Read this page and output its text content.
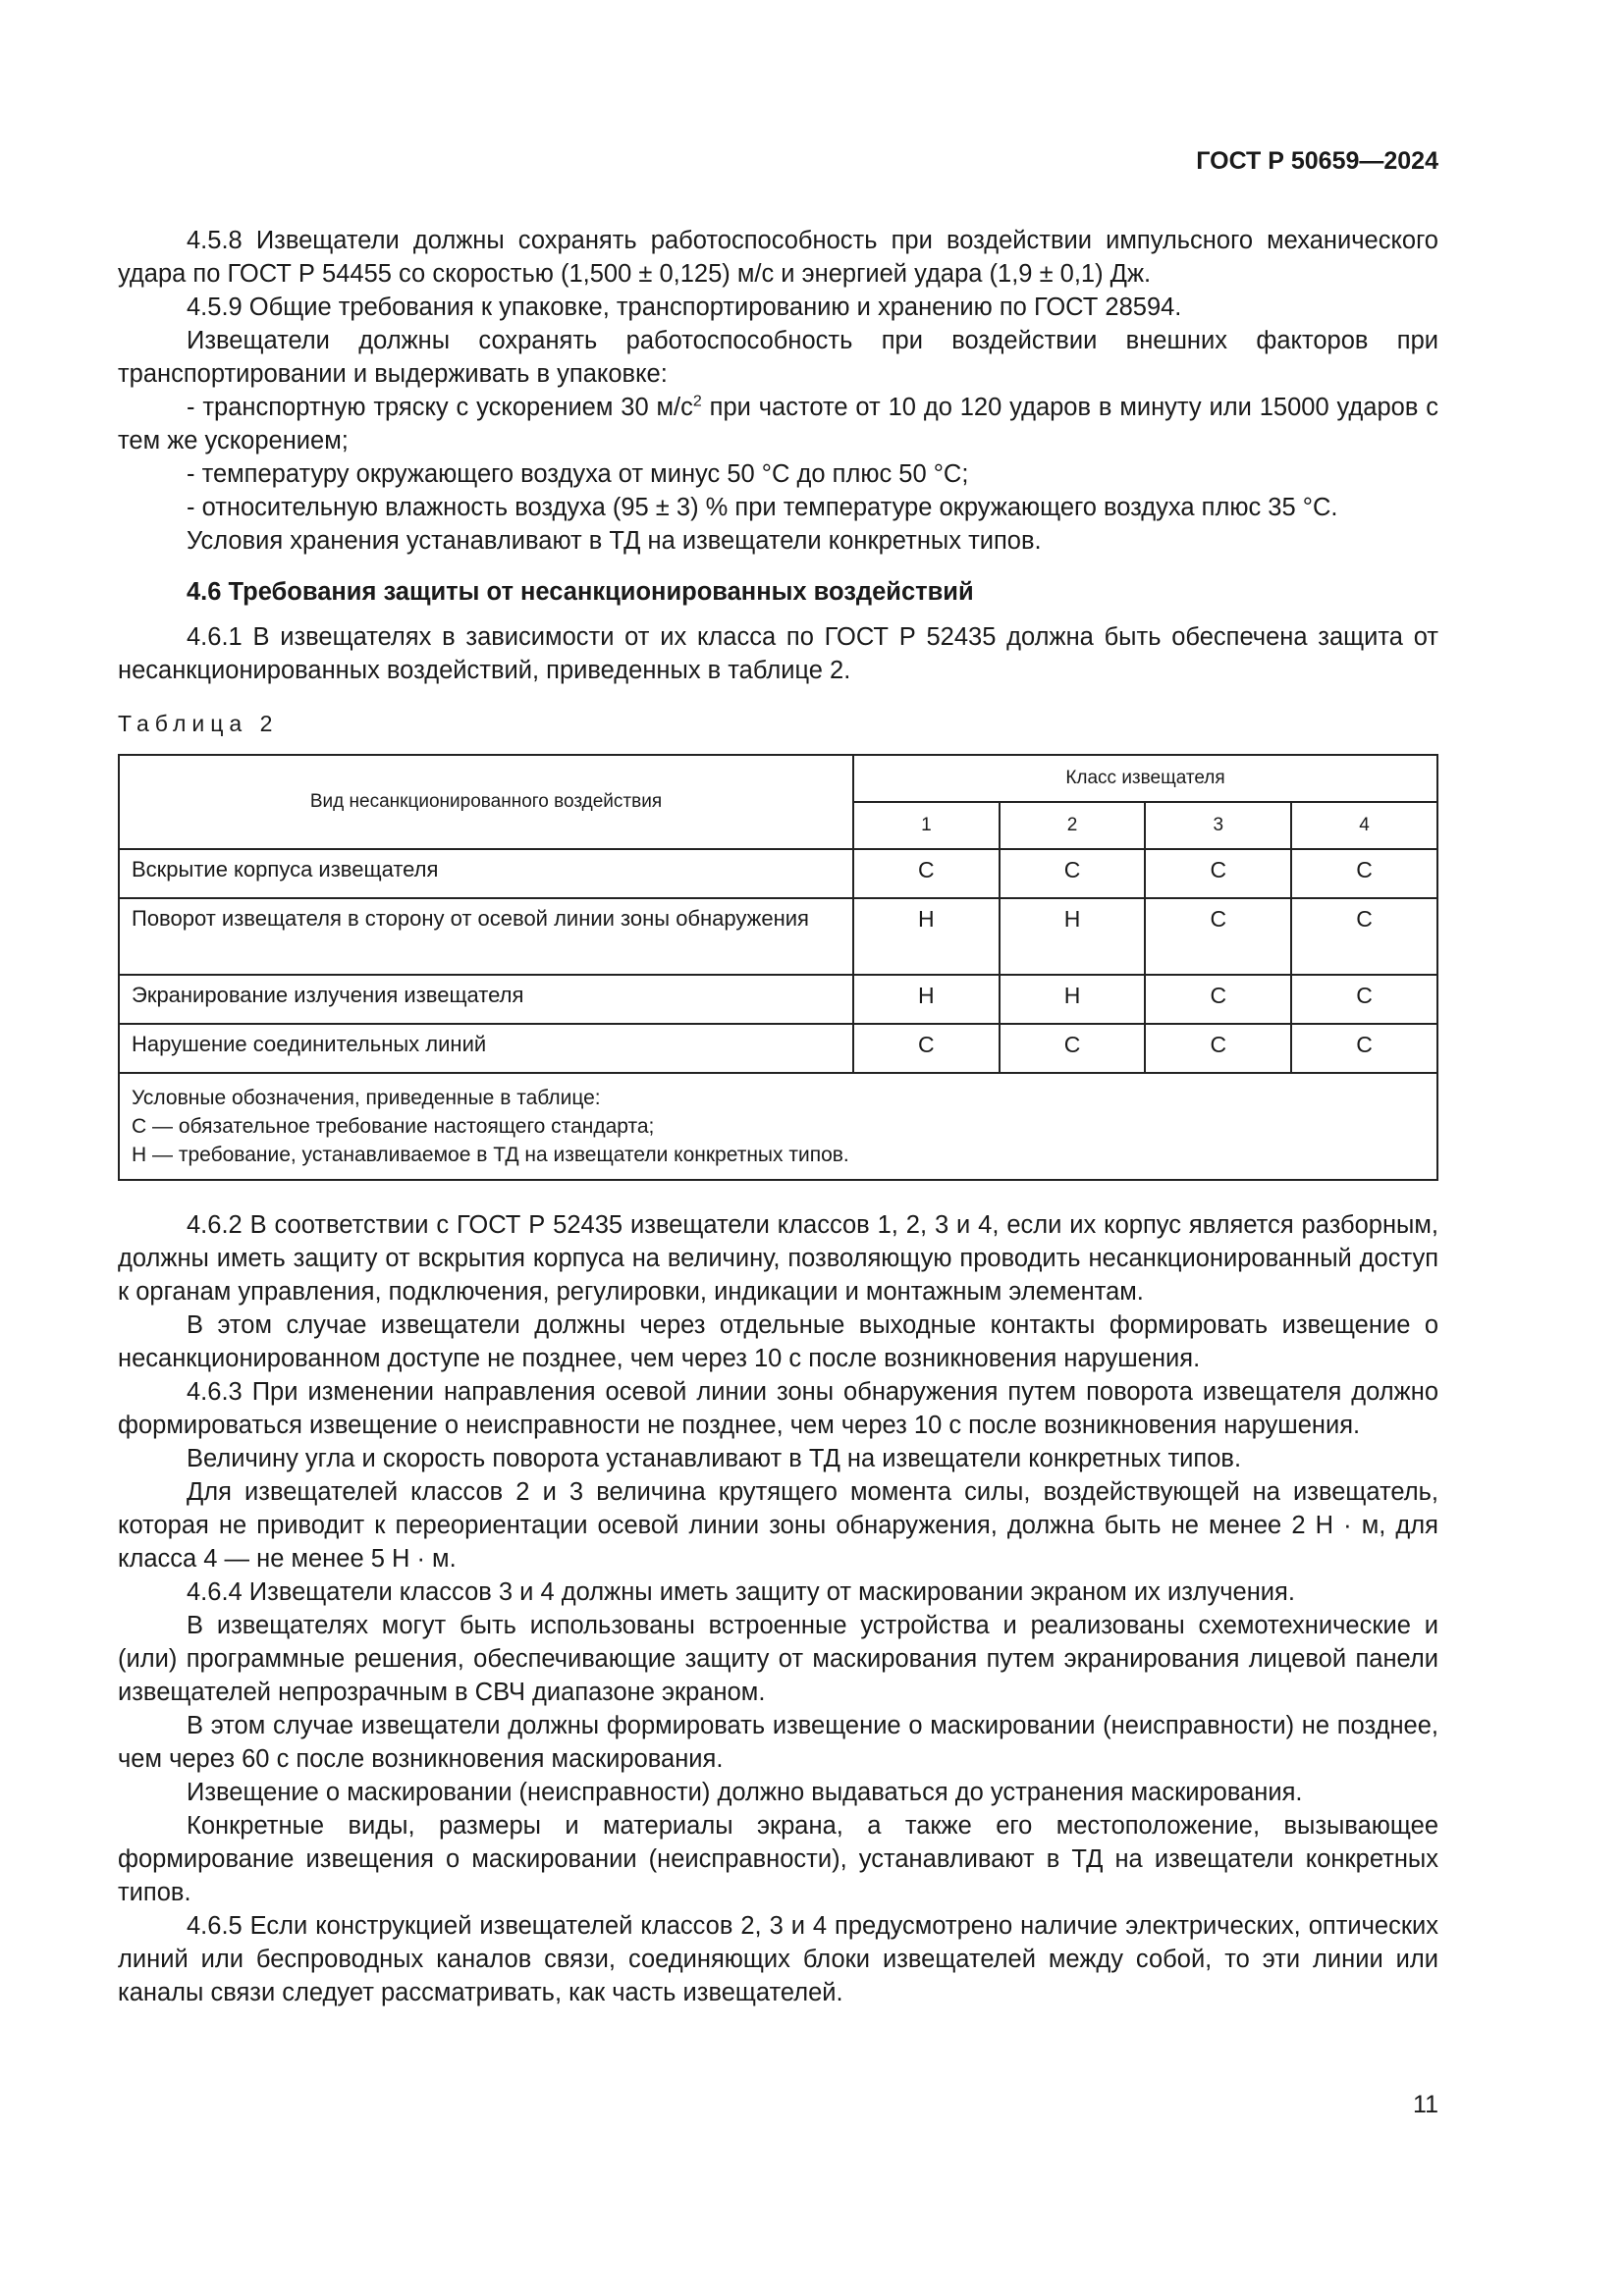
ГОСТ Р 50659—2024

4.5.8 Извещатели должны сохранять работоспособность при воздействии импульсного механического удара по ГОСТ Р 54455 со скоростью (1,500 ± 0,125) м/с и энергией удара (1,9 ± 0,1) Дж.

4.5.9 Общие требования к упаковке, транспортированию и хранению по ГОСТ 28594.

Извещатели должны сохранять работоспособность при воздействии внешних факторов при транспортировании и выдерживать в упаковке:

- транспортную тряску с ускорением 30 $м/с^2$ при частоте от 10 до 120 ударов в минуту или 15000 ударов с тем же ускорением;

- температуру окружающего воздуха от минус 50 °С до плюс 50 °С;

- относительную влажность воздуха (95 ± 3) % при температуре окружающего воздуха плюс 35 °С.

Условия хранения устанавливают в ТД на извещатели конкретных типов.

4.6 Требования защиты от несанкционированных воздействий

4.6.1 В извещателях в зависимости от их класса по ГОСТ Р 52435 должна быть обеспечена защита от несанкционированных воздействий, приведенных в таблице 2.

Таблица 2

Вид несанкционированного воздействия	Класс извещателя			
	1	2	3	4
Вскрытие корпуса извещателя	С	С	С	С
Поворот извещателя в сторону от осевой линии зоны обнаружения	Н	Н	С	С
Экранирование излучения извещателя	Н	Н	С	С
Нарушение соединительных линий	С	С	С	С

Условные обозначения, приведенные в таблице:
С — обязательное требование настоящего стандарта;
Н — требование, устанавливаемое в ТД на извещатели конкретных типов.				

4.6.2 В соответствии с ГОСТ Р 52435 извещатели классов 1, 2, 3 и 4, если их корпус является разборным, должны иметь защиту от вскрытия корпуса на величину, позволяющую проводить несанкционированный доступ к органам управления, подключения, регулировки, индикации и монтажным элементам.

В этом случае извещатели должны через отдельные выходные контакты формировать извещение о несанкционированном доступе не позднее, чем через 10 с после возникновения нарушения.

4.6.3 При изменении направления осевой линии зоны обнаружения путем поворота извещателя должно формироваться извещение о неисправности не позднее, чем через 10 с после возникновения нарушения.

Величину угла и скорость поворота устанавливают в ТД на извещатели конкретных типов.

Для извещателей классов 2 и 3 величина крутящего момента силы, воздействующей на извещатель, которая не приводит к переориентации осевой линии зоны обнаружения, должна быть не менее 2 Н · м, для класса 4 — не менее 5 Н · м.

4.6.4 Извещатели классов 3 и 4 должны иметь защиту от маскировании экраном их излучения.

В извещателях могут быть использованы встроенные устройства и реализованы схемотехнические и (или) программные решения, обеспечивающие защиту от маскирования путем экранирования лицевой панели извещателей непрозрачным в СВЧ диапазоне экраном.

В этом случае извещатели должны формировать извещение о маскировании (неисправности) не позднее, чем через 60 с после возникновения маскирования.

Извещение о маскировании (неисправности) должно выдаваться до устранения маскирования.

Конкретные виды, размеры и материалы экрана, а также его местоположение, вызывающее формирование извещения о маскировании (неисправности), устанавливают в ТД на извещатели конкретных типов.

4.6.5 Если конструкцией извещателей классов 2, 3 и 4 предусмотрено наличие электрических, оптических линий или беспроводных каналов связи, соединяющих блоки извещателей между собой, то эти линии или каналы связи следует рассматривать, как часть извещателей.

11
